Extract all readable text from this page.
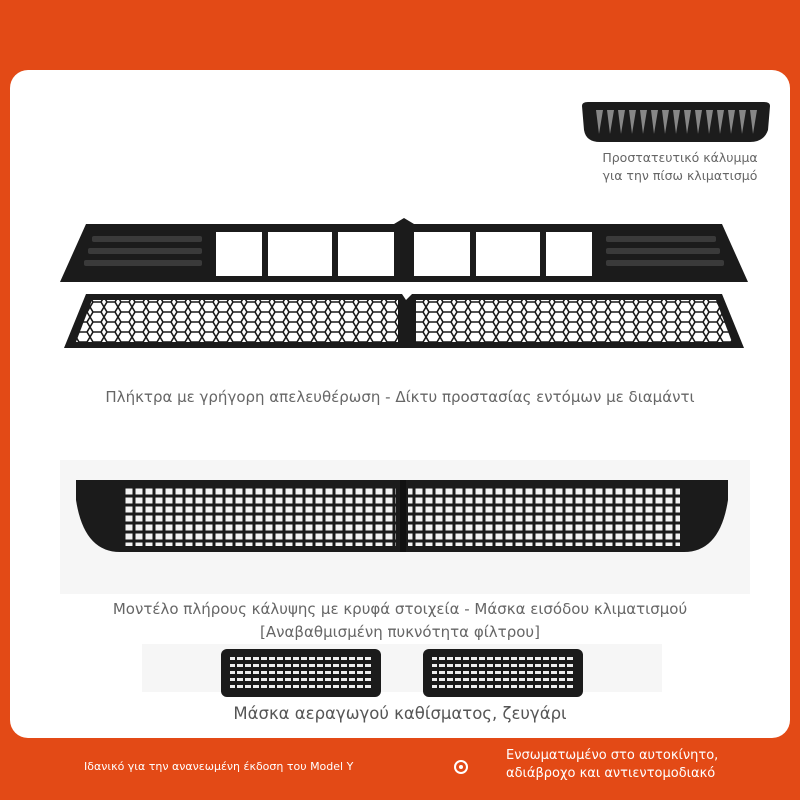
Προστατευτικό κάλυμμα
για την πίσω κλιματισμό
Πλήκτρα με γρήγορη απελευθέρωση - Δίκτυ προστασίας εντόμων με διαμάντι
Μοντέλο πλήρους κάλυψης με κρυφά στοιχεία - Μάσκα εισόδου κλιματισμού
[Αναβαθμισμένη πυκνότητα φίλτρου]
Μάσκα αεραγωγού καθίσματος, ζευγάρι
Ιδανικό για την ανανεωμένη έκδοση του Model Y
Ενσωματωμένο στο αυτοκίνητο,
αδιάβροχο και αντιεντομοδιακό
